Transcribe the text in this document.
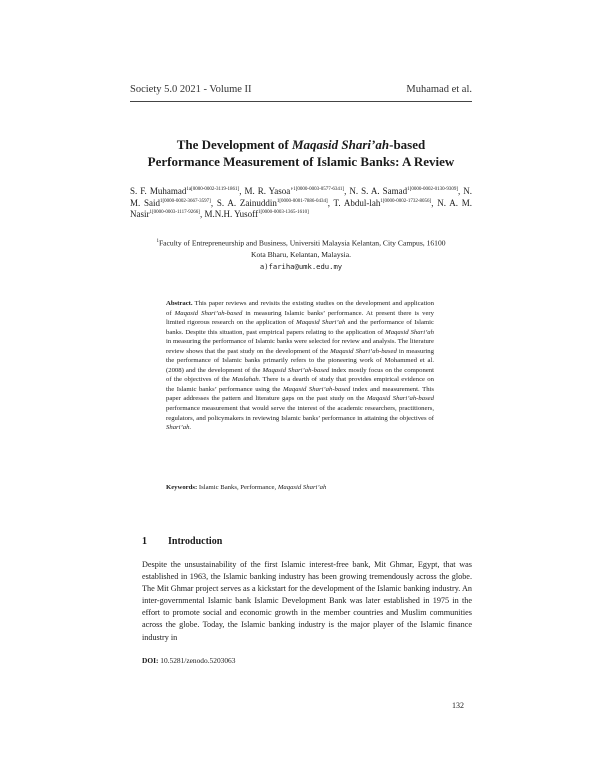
Society 5.0 2021 - Volume II	Muhamad et al.
The Development of Maqasid Shari’ah-based
Performance Measurement of Islamic Banks: A Review
S. F. Muhamad$^{1a[0000-0002-3119-1861]}$, M. R. Yasoa’$^{1[0000-0003-0577-6341]}$, N. S. A. Samad$^{1[0000-0002-0130-9309]}$, N. M. Said$^{1[0000-0002-3667-3597]}$, S. A. Zainuddin$^{1[0000-0001-7886-0434]}$, T. Abdul-lah$^{1[0000-0002-1732-8056]}$, N. A. M. Nasir$^{1[0000-0003-1117-9266]}$, M.N.H. Yusoff$^{1[0000-0003-1365-1610]}$
$^1$Faculty of Entrepreneurship and Business, Universiti Malaysia Kelantan, City Campus, 16100
Kota Bharu, Kelantan, Malaysia.
a)fariha@umk.edu.my
Abstract. This paper reviews and revisits the existing studies on the development and application of Maqasid Shari’ah-based in measuring Islamic banks’ performance. At present there is very limited rigorous research on the application of Maqasid Shari’ah and the performance of Islamic banks. Despite this situation, past empirical papers relating to the application of Maqasid Shari’ah in measuring the performance of Islamic banks were selected for review and analysis. The literature review shows that the past study on the development of the Maqasid Shari’ah-based in measuring the performance of Islamic banks primarily refers to the pioneering work of Mohammed et al. (2008) and the development of the Maqasid Shari’ah-based index mostly focus on the component of the objectives of the Maslahah. There is a dearth of study that provides empirical evidence on the Islamic banks’ performance using the Maqasid Shari’ah-based index and measurement. This paper addresses the pattern and literature gaps on the past study on the Maqasid Shari’ah-based performance measurement that would serve the interest of the academic researchers, practitioners, regulators, and policymakers in reviewing Islamic banks’ performance in attaining the objectives of Shari’ah.
Keywords: Islamic Banks, Performance, Maqasid Shari’ah
1 Introduction
Despite the unsustainability of the first Islamic interest-free bank, Mit Ghmar, Egypt, that was established in 1963, the Islamic banking industry has been growing tremendously across the globe. The Mit Ghmar project serves as a kickstart for the development of the Islamic banking industry. An inter-governmental Islamic bank Islamic Development Bank was later established in 1975 in the effort to promote social and economic growth in the member countries and Muslim communities across the globe. Today, the Islamic banking industry is the major player of the Islamic finance industry in
DOI: 10.5281/zenodo.5203063
132
